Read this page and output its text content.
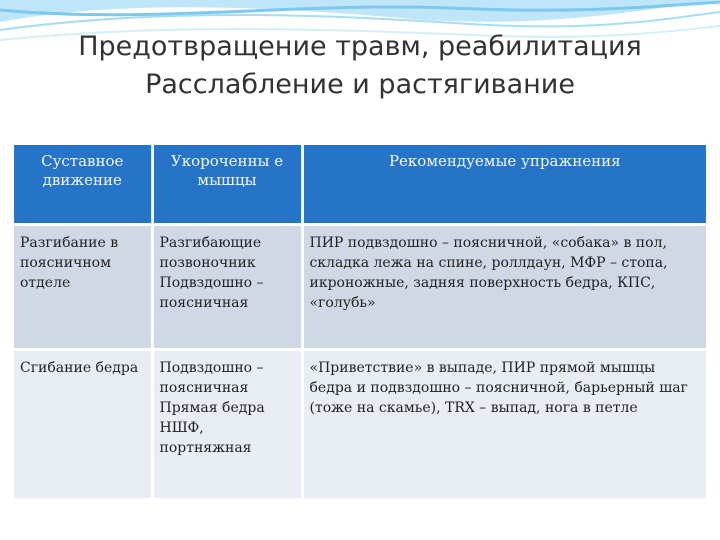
Предотвращение травм, реабилитация
Расслабление и растягивание
Суставное движение	Укороченны е мышцы	Рекомендуемые упражнения
Разгибание в поясничном отделе	Разгибающие позвоночник Подвздошно – поясничная	ПИР подвздошно – поясничной, «собака» в пол, складка лежа на спине, роллдаун, МФР – стопа, икроножные, задняя поверхность бедра, КПС, «голубь»
Сгибание бедра	Подвздошно – поясничная Прямая бедра НШФ, портняжная	«Приветствие» в выпаде, ПИР прямой мышцы бедра и подвздошно – поясничной, барьерный шаг (тоже на скамье), TRX – выпад, нога в петле
